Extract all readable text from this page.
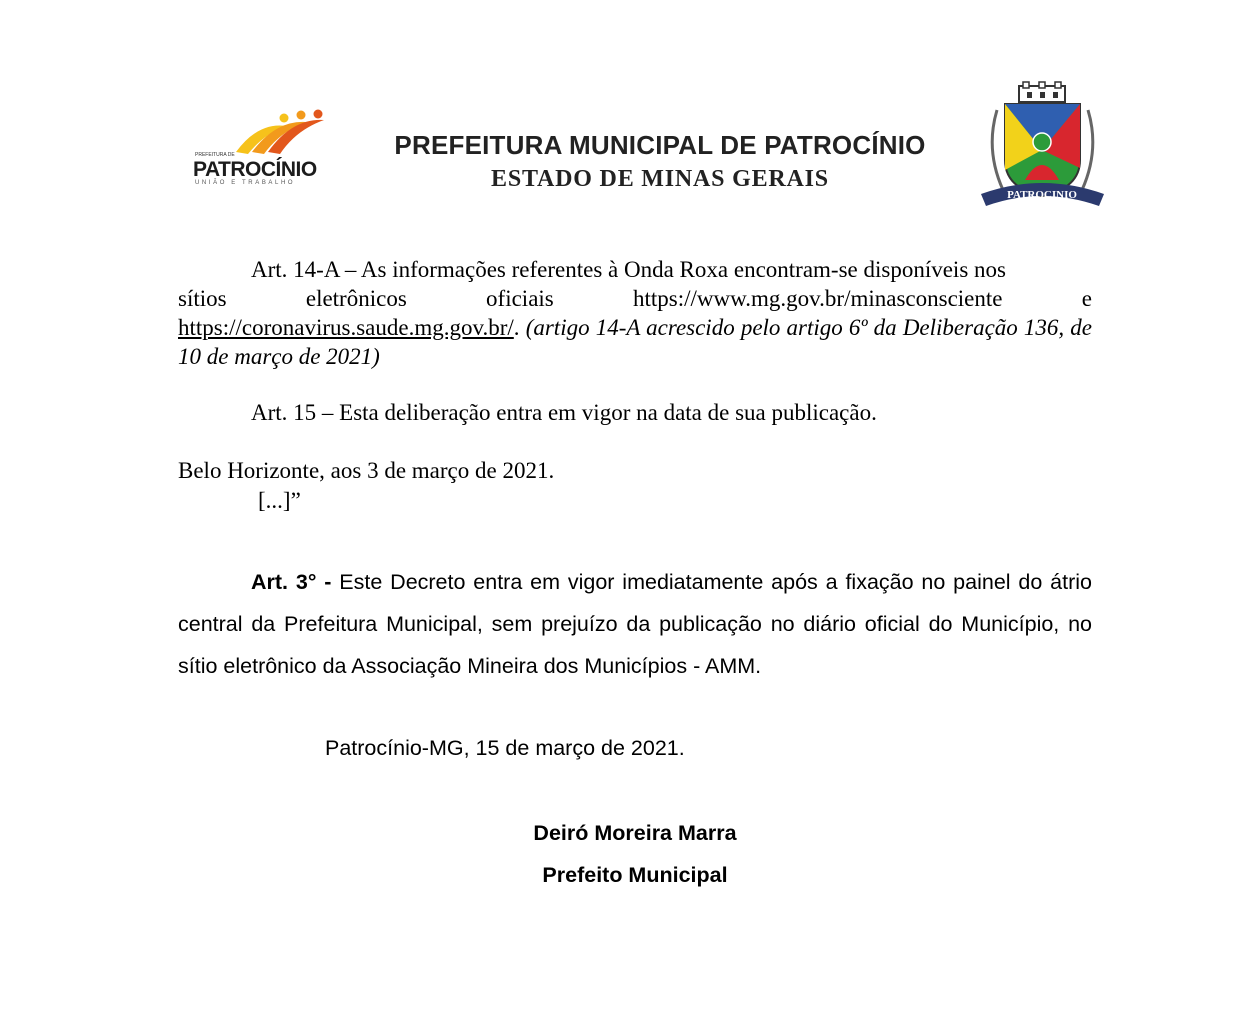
PREFEITURA DE
PATROCÍNIO
UNIÃO E TRABALHO
PREFEITURA MUNICIPAL DE PATROCÍNIO
ESTADO DE MINAS GERAIS
PATROCINIO
Art. 14-A – As informações referentes à Onda Roxa encontram-se disponíveis nos
sítios	eletrônicos	oficiais	https://www.mg.gov.br/minasconsciente	e
https://coronavirus.saude.mg.gov.br/. (artigo 14-A acrescido pelo artigo 6º da Deliberação 136, de 10 de março de 2021)
Art. 15 – Esta deliberação entra em vigor na data de sua publicação.
Belo Horizonte, aos 3 de março de 2021.
[...]”
Art. 3° - Este Decreto entra em vigor imediatamente após a fixação no painel do átrio central da Prefeitura Municipal, sem prejuízo da publicação no diário oficial do Município, no sítio eletrônico da Associação Mineira dos Municípios - AMM.
Patrocínio-MG, 15 de março de 2021.
Deiró Moreira Marra
Prefeito Municipal
